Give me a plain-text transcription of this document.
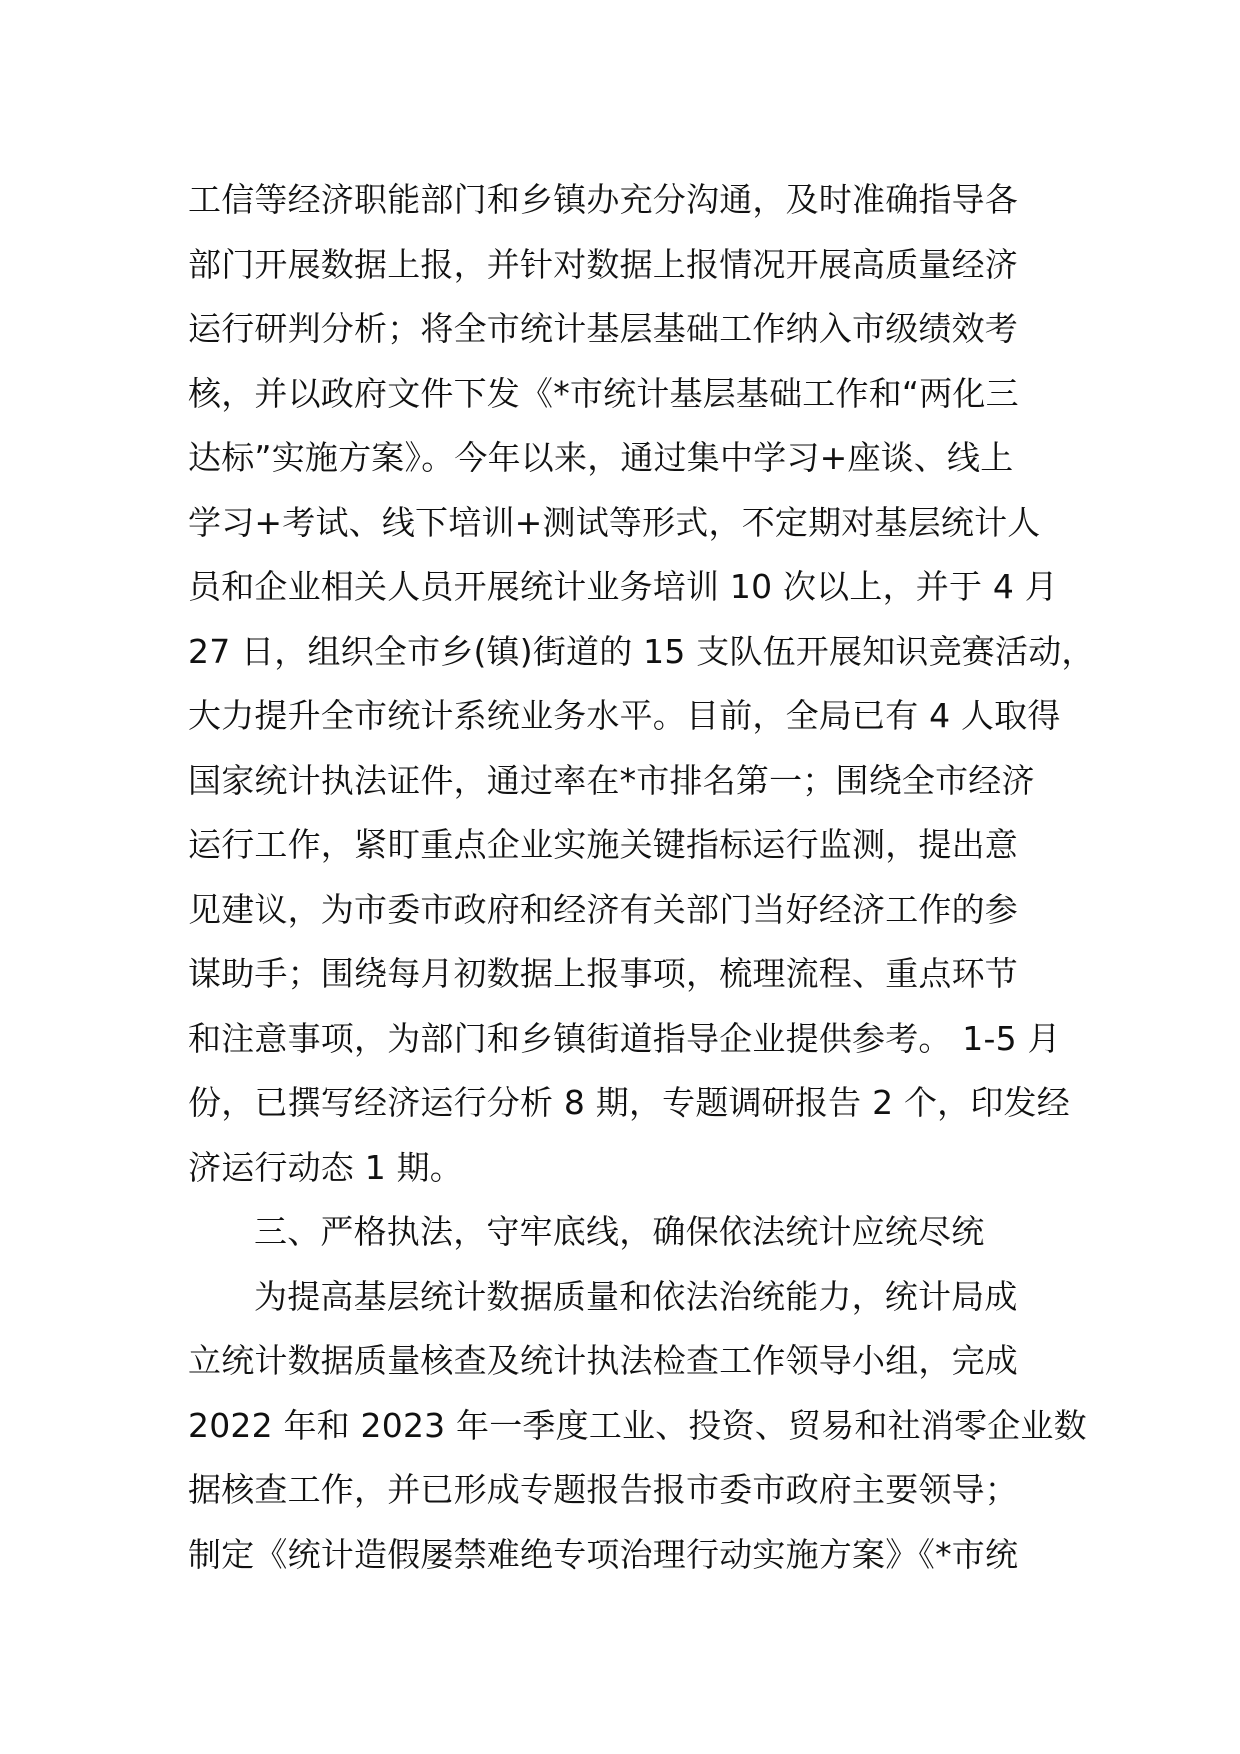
工信等经济职能部门和乡镇办充分沟通，及时准确指导各
部门开展数据上报，并针对数据上报情况开展高质量经济
运行研判分析；将全市统计基层基础工作纳入市级绩效考
核，并以政府文件下发《*市统计基层基础工作和“两化三
达标”实施方案》。今年以来，通过集中学习+座谈、线上
学习+考试、线下培训+测试等形式，不定期对基层统计人
员和企业相关人员开展统计业务培训 10 次以上，并于 4 月
27 日，组织全市乡(镇)街道的 15 支队伍开展知识竞赛活动，
大力提升全市统计系统业务水平。目前，全局已有 4 人取得
国家统计执法证件，通过率在*市排名第一；围绕全市经济
运行工作，紧盯重点企业实施关键指标运行监测，提出意
见建议，为市委市政府和经济有关部门当好经济工作的参
谋助手；围绕每月初数据上报事项，梳理流程、重点环节
和注意事项，为部门和乡镇街道指导企业提供参考。 1-5 月
份，已撰写经济运行分析 8 期，专题调研报告 2 个，印发经
济运行动态 1 期。
三、严格执法，守牢底线，确保依法统计应统尽统
为提高基层统计数据质量和依法治统能力，统计局成
立统计数据质量核查及统计执法检查工作领导小组，完成
2022 年和 2023 年一季度工业、投资、贸易和社消零企业数
据核查工作，并已形成专题报告报市委市政府主要领导；
制定《统计造假屡禁难绝专项治理行动实施方案》《*市统
